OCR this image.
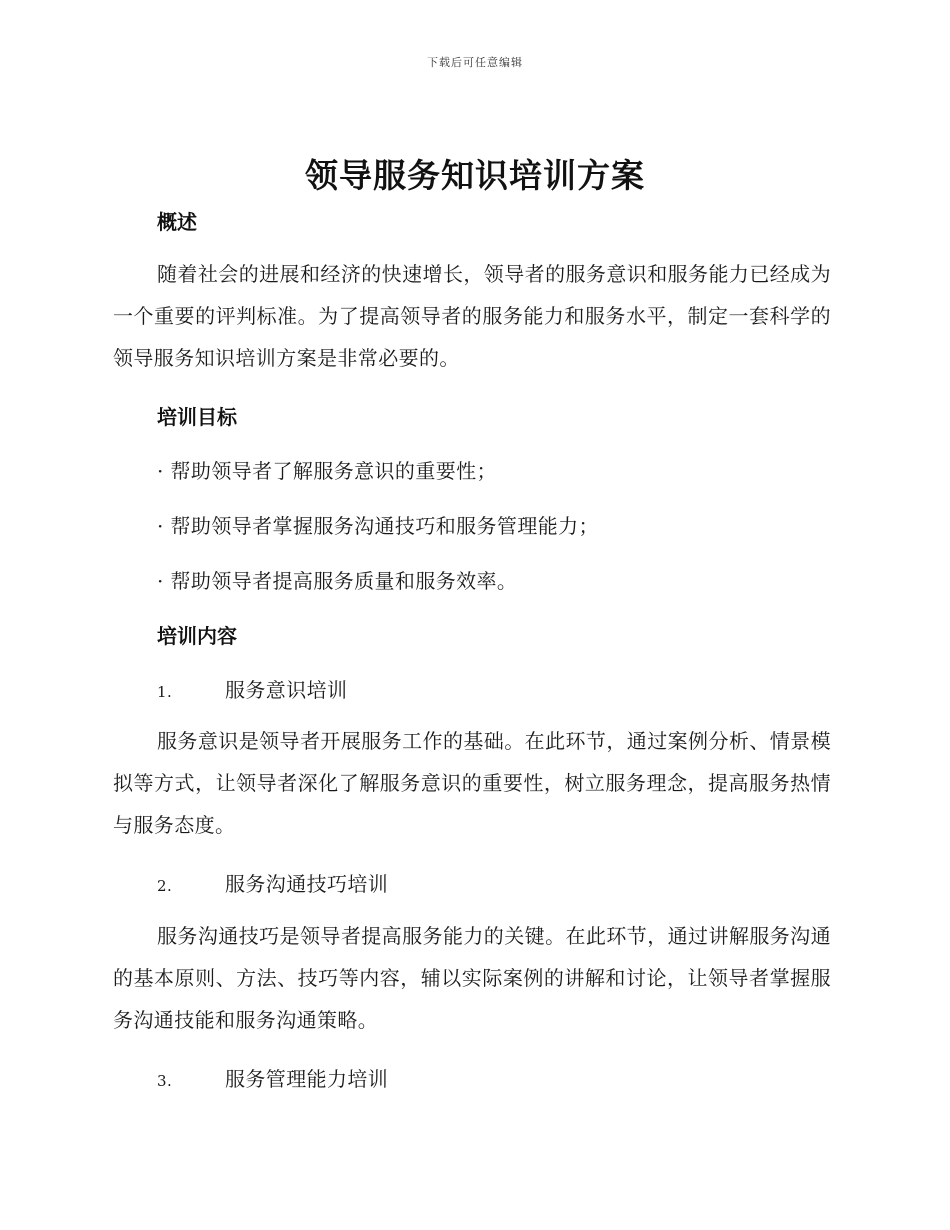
下载后可任意编辑
领导服务知识培训方案
概述
随着社会的进展和经济的快速增长，领导者的服务意识和服务能力已经成为一个重要的评判标准。为了提高领导者的服务能力和服务水平，制定一套科学的领导服务知识培训方案是非常必要的。
培训目标
· 帮助领导者了解服务意识的重要性；
· 帮助领导者掌握服务沟通技巧和服务管理能力；
· 帮助领导者提高服务质量和服务效率。
培训内容
1.	服务意识培训
服务意识是领导者开展服务工作的基础。在此环节，通过案例分析、情景模拟等方式，让领导者深化了解服务意识的重要性，树立服务理念，提高服务热情与服务态度。
2.	服务沟通技巧培训
服务沟通技巧是领导者提高服务能力的关键。在此环节，通过讲解服务沟通的基本原则、方法、技巧等内容，辅以实际案例的讲解和讨论，让领导者掌握服务沟通技能和服务沟通策略。
3.	服务管理能力培训
